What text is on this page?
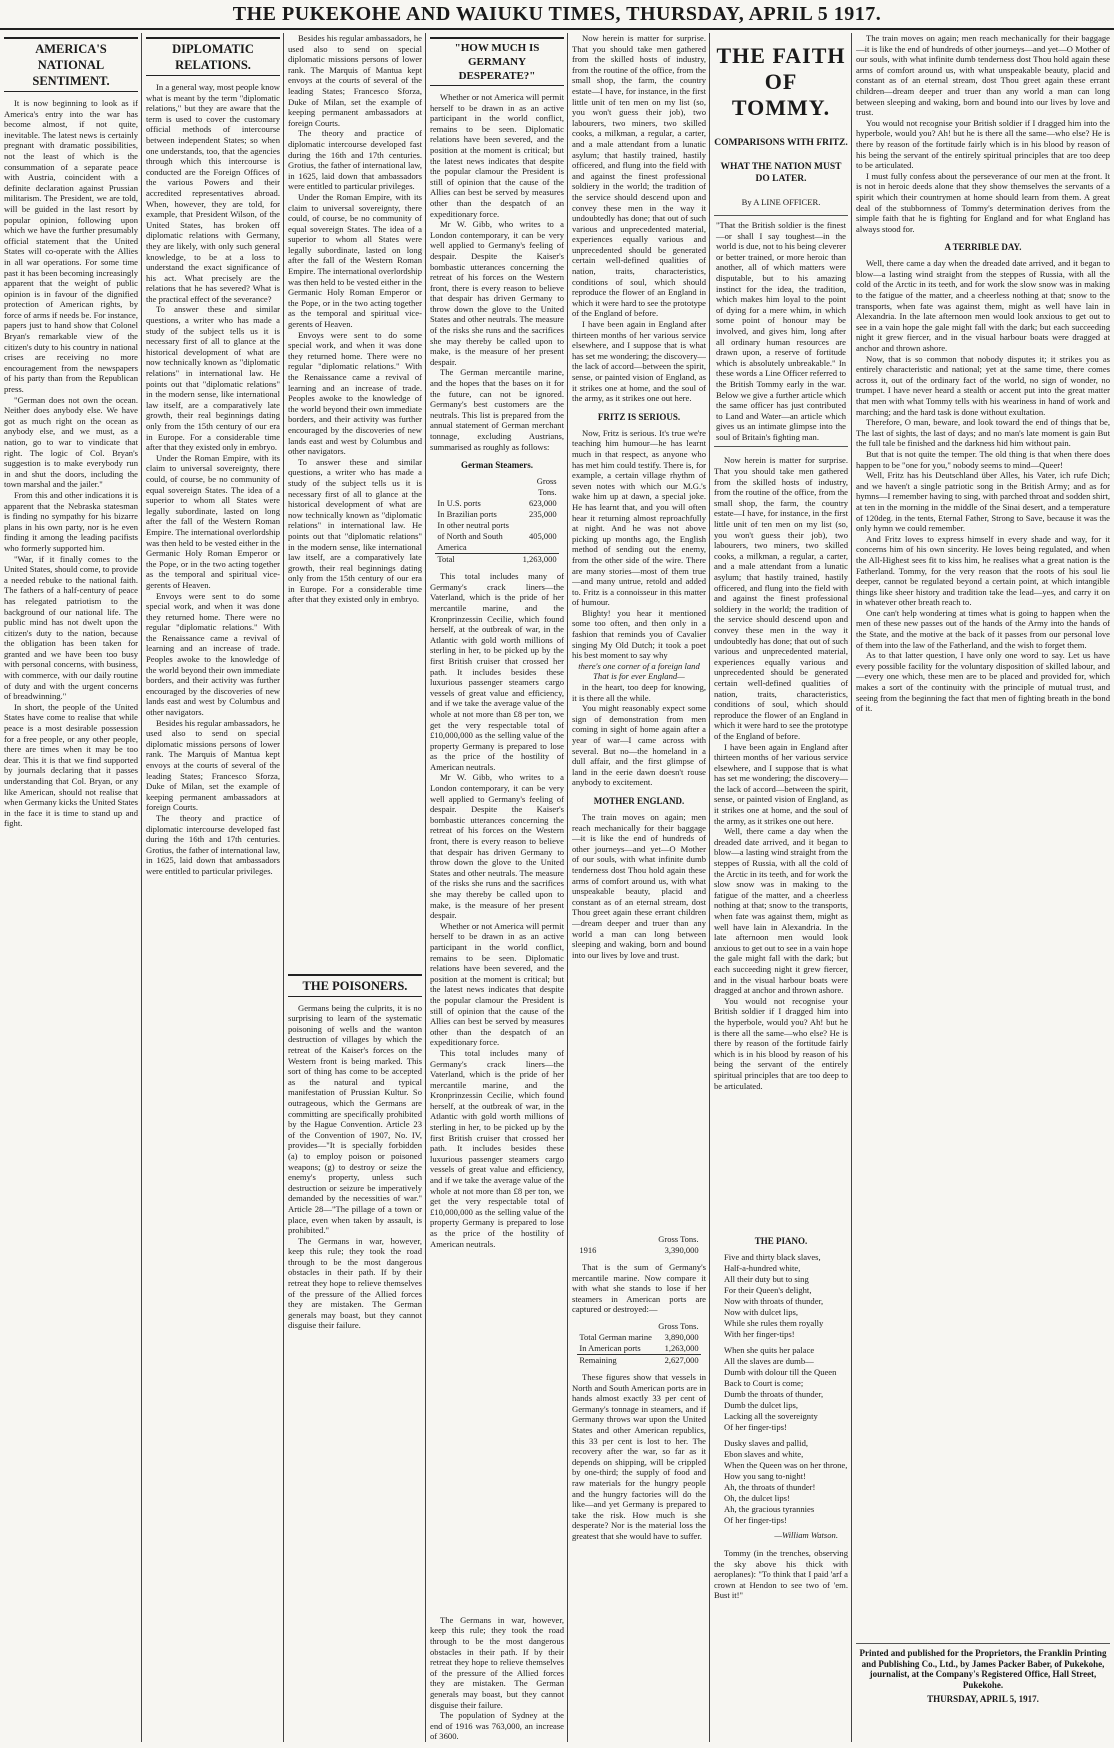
THE PUKEKOHE AND WAIUKU TIMES, THURSDAY, APRIL 5 1917.

AMERICA'S NATIONAL SENTIMENT.

It is now beginning to look as if America's entry into the war has become almost, if not quite, inevitable. The latest news is certainly pregnant with dramatic possibilities, not the least of which is the consummation of a separate peace with Austria, coincident with a definite declaration against Prussian militarism. The President, we are told, will be guided in the last resort by popular opinion, following upon which we have the further presumably official statement that the United States will co-operate with the Allies in all war operations. For some time past it has been becoming increasingly apparent that the weight of public opinion is in favour of the dignified protection of American rights, by force of arms if needs be. For instance, papers just to hand show that Colonel Bryan's remarkable view of the citizen's duty to his country in national crises are receiving no more encouragement from the newspapers of his party than from the Republican press.

"German does not own the ocean. Neither does anybody else. We have got as much right on the ocean as anybody else, and we must, as a nation, go to war to vindicate that right. The logic of Col. Bryan's suggestion is to make everybody run in and shut the doors, including the town marshal and the jailer."

From this and other indications it is apparent that the Nebraska statesman is finding no sympathy for his bizarre plans in his own party, nor is he even finding it among the leading pacifists who formerly supported him.

"War, if it finally comes to the United States, should come, to provide a needed rebuke to the national faith. The fathers of a half-century of peace has relegated patriotism to the background of our national life. The public mind has not dwelt upon the citizen's duty to the nation, because the obligation has been taken for granted and we have been too busy with personal concerns, with business, with commerce, with our daily routine of duty and with the urgent concerns of breadwinning."

In short, the people of the United States have come to realise that while peace is a most desirable possession for a free people, or any other people, there are times when it may be too dear. This it is that we find supported by journals declaring that it passes understanding that Col. Bryan, or any like American, should not realise that when Germany kicks the United States in the face it is time to stand up and fight.

DIPLOMATIC RELATIONS.

In a general way, most people know what is meant by the term "diplomatic relations," but they are aware that the term is used to cover the customary official methods of intercourse between independent States; so when one understands, too, that the agencies through which this intercourse is conducted are the Foreign Offices of the various Powers and their accredited representatives abroad. When, however, they are told, for example, that President Wilson, of the United States, has broken off diplomatic relations with Germany, they are likely, with only such general knowledge, to be at a loss to understand the exact significance of his act. What precisely are the relations that he has severed? What is the practical effect of the severance?

To answer these and similar questions, a writer who has made a study of the subject tells us it is necessary first of all to glance at the historical development of what are now technically known as "diplomatic relations" in international law. He points out that "diplomatic relations" in the modern sense, like international law itself, are a comparatively late growth, their real beginnings dating only from the 15th century of our era in Europe. For a considerable time after that they existed only in embryo.

Under the Roman Empire, with its claim to universal sovereignty, there could, of course, be no community of equal sovereign States. The idea of a superior to whom all States were legally subordinate, lasted on long after the fall of the Western Roman Empire. The international overlordship was then held to be vested either in the Germanic Holy Roman Emperor or the Pope, or in the two acting together as the temporal and spiritual vice-gerents of Heaven.

Envoys were sent to do some special work, and when it was done they returned home. There were no regular "diplomatic relations." With the Renaissance came a revival of learning and an increase of trade. Peoples awoke to the knowledge of the world beyond their own immediate borders, and their activity was further encouraged by the discoveries of new lands east and west by Columbus and other navigators.

Besides his regular ambassadors, he used also to send on special diplomatic missions persons of lower rank. The Marquis of Mantua kept envoys at the courts of several of the leading States; Francesco Sforza, Duke of Milan, set the example of keeping permanent ambassadors at foreign Courts.

The theory and practice of diplomatic intercourse developed fast during the 16th and 17th centuries. Grotius, the father of international law, in 1625, laid down that ambassadors were entitled to particular privileges.

Besides his regular ambassadors, he used also to send on special diplomatic missions persons of lower rank. The Marquis of Mantua kept envoys at the courts of several of the leading States; Francesco Sforza, Duke of Milan, set the example of keeping permanent ambassadors at foreign Courts.

The theory and practice of diplomatic intercourse developed fast during the 16th and 17th centuries. Grotius, the father of international law, in 1625, laid down that ambassadors were entitled to particular privileges.

Under the Roman Empire, with its claim to universal sovereignty, there could, of course, be no community of equal sovereign States. The idea of a superior to whom all States were legally subordinate, lasted on long after the fall of the Western Roman Empire. The international overlordship was then held to be vested either in the Germanic Holy Roman Emperor or the Pope, or in the two acting together as the temporal and spiritual vice-gerents of Heaven.

Envoys were sent to do some special work, and when it was done they returned home. There were no regular "diplomatic relations." With the Renaissance came a revival of learning and an increase of trade. Peoples awoke to the knowledge of the world beyond their own immediate borders, and their activity was further encouraged by the discoveries of new lands east and west by Columbus and other navigators.

To answer these and similar questions, a writer who has made a study of the subject tells us it is necessary first of all to glance at the historical development of what are now technically known as "diplomatic relations" in international law. He points out that "diplomatic relations" in the modern sense, like international law itself, are a comparatively late growth, their real beginnings dating only from the 15th century of our era in Europe. For a considerable time after that they existed only in embryo.

THE POISONERS.

Germans being the culprits, it is no surprising to learn of the systematic poisoning of wells and the wanton destruction of villages by which the retreat of the Kaiser's forces on the Western front is being marked. This sort of thing has come to be accepted as the natural and typical manifestation of Prussian Kultur. So outrageous, which the Germans are committing are specifically prohibited by the Hague Convention. Article 23 of the Convention of 1907, No. IV, provides—"It is specially forbidden (a) to employ poison or poisoned weapons; (g) to destroy or seize the enemy's property, unless such destruction or seizure be imperatively demanded by the necessities of war." Article 28—"The pillage of a town or place, even when taken by assault, is prohibited."

The Germans in war, however, keep this rule; they took the road through to be the most dangerous obstacles in their path. If by their retreat they hope to relieve themselves of the pressure of the Allied forces they are mistaken. The German generals may boast, but they cannot disguise their failure.

"HOW MUCH IS GERMANY DESPERATE?"

Whether or not America will permit herself to be drawn in as an active participant in the world conflict, remains to be seen. Diplomatic relations have been severed, and the position at the moment is critical; but the latest news indicates that despite the popular clamour the President is still of opinion that the cause of the Allies can best be served by measures other than the despatch of an expeditionary force.

Mr W. Gibb, who writes to a London contemporary, it can be very well applied to Germany's feeling of despair. Despite the Kaiser's bombastic utterances concerning the retreat of his forces on the Western front, there is every reason to believe that despair has driven Germany to throw down the glove to the United States and other neutrals. The measure of the risks she runs and the sacrifices she may thereby be called upon to make, is the measure of her present despair.

The German mercantile marine, and the hopes that the bases on it for the future, can not be ignored. Germany's best customers are the neutrals. This list is prepared from the annual statement of German merchant tonnage, excluding Austrians, summarised as roughly as follows:

German Steamers.
	Gross Tons.
In U.S. ports	623,000
In Brazilian ports	235,000
In other neutral ports of North and South America	405,000
Total	1,263,000

This total includes many of Germany's crack liners—the Vaterland, which is the pride of her mercantile marine, and the Kronprinzessin Cecilie, which found herself, at the outbreak of war, in the Atlantic with gold worth millions of sterling in her, to be picked up by the first British cruiser that crossed her path. It includes besides these luxurious passenger steamers cargo vessels of great value and efficiency, and if we take the average value of the whole at not more than £8 per ton, we get the very respectable total of £10,000,000 as the selling value of the property Germany is prepared to lose as the price of the hostility of American neutrals.

Mr W. Gibb, who writes to a London contemporary, it can be very well applied to Germany's feeling of despair. Despite the Kaiser's bombastic utterances concerning the retreat of his forces on the Western front, there is every reason to believe that despair has driven Germany to throw down the glove to the United States and other neutrals. The measure of the risks she runs and the sacrifices she may thereby be called upon to make, is the measure of her present despair.

Whether or not America will permit herself to be drawn in as an active participant in the world conflict, remains to be seen. Diplomatic relations have been severed, and the position at the moment is critical; but the latest news indicates that despite the popular clamour the President is still of opinion that the cause of the Allies can best be served by measures other than the despatch of an expeditionary force.

This total includes many of Germany's crack liners—the Vaterland, which is the pride of her mercantile marine, and the Kronprinzessin Cecilie, which found herself, at the outbreak of war, in the Atlantic with gold worth millions of sterling in her, to be picked up by the first British cruiser that crossed her path. It includes besides these luxurious passenger steamers cargo vessels of great value and efficiency, and if we take the average value of the whole at not more than £8 per ton, we get the very respectable total of £10,000,000 as the selling value of the property Germany is prepared to lose as the price of the hostility of American neutrals.

The Germans in war, however, keep this rule; they took the road through to be the most dangerous obstacles in their path. If by their retreat they hope to relieve themselves of the pressure of the Allied forces they are mistaken. The German generals may boast, but they cannot disguise their failure.

The population of Sydney at the end of 1916 was 763,000, an increase of 3600.

Now herein is matter for surprise. That you should take men gathered from the skilled hosts of industry, from the routine of the office, from the small shop, the farm, the country estate—I have, for instance, in the first little unit of ten men on my list (so, you won't guess their job), two labourers, two miners, two skilled cooks, a milkman, a regular, a carter, and a male attendant from a lunatic asylum; that hastily trained, hastily officered, and flung into the field with and against the finest professional soldiery in the world; the tradition of the service should descend upon and convey these men in the way it undoubtedly has done; that out of such various and unprecedented material, experiences equally various and unprecedented should be generated certain well-defined qualities of nation, traits, characteristics, conditions of soul, which should reproduce the flower of an England in which it were hard to see the prototype of the England of before.

I have been again in England after thirteen months of her various service elsewhere, and I suppose that is what has set me wondering; the discovery—the lack of accord—between the spirit, sense, or painted vision of England, as it strikes one at home, and the soul of the army, as it strikes one out here.

FRITZ IS SERIOUS.

Now, Fritz is serious. It's true we're teaching him humour—he has learnt much in that respect, as anyone who has met him could testify. There is, for example, a certain village rhythm of seven notes with which our M.G.'s wake him up at dawn, a special joke. He has learnt that, and you will often hear it returning almost reproachfully at night. And he was not above picking up months ago, the English method of sending out the enemy, from the other side of the wire. There are many stories—most of them true—and many untrue, retold and added to. Fritz is a connoisseur in this matter of humour.

Blighty! you hear it mentioned some too often, and then only in a fashion that reminds you of Cavalier singing My Old Dutch; it took a poet his best moment to say why

there's one corner of a foreign land
That is for ever England—

in the heart, too deep for knowing, it is there all the while.

You might reasonably expect some sign of demonstration from men coming in sight of home again after a year of war—I came across with several. But no—the homeland in a dull affair, and the first glimpse of land in the eerie dawn doesn't rouse anybody to excitement.

MOTHER ENGLAND.

The train moves on again; men reach mechanically for their baggage—it is like the end of hundreds of other journeys—and yet—O Mother of our souls, with what infinite dumb tenderness dost Thou hold again these arms of comfort around us, with what unspeakable beauty, placid and constant as of an eternal stream, dost Thou greet again these errant children—dream deeper and truer than any world a man can long between sleeping and waking, born and bound into our lives by love and trust.

	Gross Tons.
1916	3,390,000

That is the sum of Germany's mercantile marine. Now compare it with what she stands to lose if her steamers in American ports are captured or destroyed:—

	Gross Tons.
Total German marine	3,890,000
In American ports	1,263,000
Remaining	2,627,000

These figures show that vessels in North and South American ports are in hands almost exactly 33 per cent of Germany's tonnage in steamers, and if Germany throws war upon the United States and other American republics, this 33 per cent is lost to her. The recovery after the war, so far as it depends on shipping, will be crippled by one-third; the supply of food and raw materials for the hungry people and the hungry factories will do the like—and yet Germany is prepared to take the risk. How much is she desperate? Nor is the material loss the greatest that she would have to suffer.

THE FAITH OF TOMMY.
COMPARISONS WITH FRITZ.
WHAT THE NATION MUST DO LATER.
By A LINE OFFICER.

"That the British soldier is the finest—or shall I say toughest—in the world is due, not to his being cleverer or better trained, or more heroic than another, all of which matters were disputable, but to his amazing instinct for the idea, the tradition, which makes him loyal to the point of dying for a mere whim, in which some point of honour may be involved, and gives him, long after all ordinary human resources are drawn upon, a reserve of fortitude which is absolutely unbreakable." In these words a Line Officer referred to the British Tommy early in the war. Below we give a further article which the same officer has just contributed to Land and Water—an article which gives us an intimate glimpse into the soul of Britain's fighting man.

Now herein is matter for surprise. That you should take men gathered from the skilled hosts of industry, from the routine of the office, from the small shop, the farm, the country estate—I have, for instance, in the first little unit of ten men on my list (so, you won't guess their job), two labourers, two miners, two skilled cooks, a milkman, a regular, a carter, and a male attendant from a lunatic asylum; that hastily trained, hastily officered, and flung into the field with and against the finest professional soldiery in the world; the tradition of the service should descend upon and convey these men in the way it undoubtedly has done; that out of such various and unprecedented material, experiences equally various and unprecedented should be generated certain well-defined qualities of nation, traits, characteristics, conditions of soul, which should reproduce the flower of an England in which it were hard to see the prototype of the England of before.

I have been again in England after thirteen months of her various service elsewhere, and I suppose that is what has set me wondering; the discovery—the lack of accord—between the spirit, sense, or painted vision of England, as it strikes one at home, and the soul of the army, as it strikes one out here.

Well, there came a day when the dreaded date arrived, and it began to blow—a lasting wind straight from the steppes of Russia, with all the cold of the Arctic in its teeth, and for work the slow snow was in making to the fatigue of the matter, and a cheerless nothing at that; snow to the transports, when fate was against them, might as well have lain in Alexandria. In the late afternoon men would look anxious to get out to see in a vain hope the gale might fall with the dark; but each succeeding night it grew fiercer, and in the visual harbour boats were dragged at anchor and thrown ashore.

You would not recognise your British soldier if I dragged him into the hyperbole, would you? Ah! but he is there all the same—who else? He is there by reason of the fortitude fairly which is in his blood by reason of his being the servant of the entirely spiritual principles that are too deep to be articulated.

THE PIANO.
Five and thirty black slaves,
Half-a-hundred white,
All their duty but to sing
For their Queen's delight,
Now with throats of thunder,
Now with dulcet lips,
While she rules them royally
With her finger-tips!

When she quits her palace
All the slaves are dumb—
Dumb with dolour till the Queen
Back to Court is come;
Dumb the throats of thunder,
Dumb the dulcet lips,
Lacking all the sovereignty
Of her finger-tips!

Dusky slaves and pallid,
Ebon slaves and white,
When the Queen was on her throne,
How you sang to-night!
Ah, the throats of thunder!
Oh, the dulcet lips!
Ah, the gracious tyrannies
Of her finger-tips!
—William Watson.

Tommy (in the trenches, observing the sky above his thick with aeroplanes): "To think that I paid 'arf a crown at Hendon to see two of 'em. Bust it!"

The train moves on again; men reach mechanically for their baggage—it is like the end of hundreds of other journeys—and yet—O Mother of our souls, with what infinite dumb tenderness dost Thou hold again these arms of comfort around us, with what unspeakable beauty, placid and constant as of an eternal stream, dost Thou greet again these errant children—dream deeper and truer than any world a man can long between sleeping and waking, born and bound into our lives by love and trust.

You would not recognise your British soldier if I dragged him into the hyperbole, would you? Ah! but he is there all the same—who else? He is there by reason of the fortitude fairly which is in his blood by reason of his being the servant of the entirely spiritual principles that are too deep to be articulated.

I must fully confess about the perseverance of our men at the front. It is not in heroic deeds alone that they show themselves the servants of a spirit which their countrymen at home should learn from them. A great deal of the stubbornness of Tommy's determination derives from the simple faith that he is fighting for England and for what England has always stood for.

A TERRIBLE DAY.

Well, there came a day when the dreaded date arrived, and it began to blow—a lasting wind straight from the steppes of Russia, with all the cold of the Arctic in its teeth, and for work the slow snow was in making to the fatigue of the matter, and a cheerless nothing at that; snow to the transports, when fate was against them, might as well have lain in Alexandria. In the late afternoon men would look anxious to get out to see in a vain hope the gale might fall with the dark; but each succeeding night it grew fiercer, and in the visual harbour boats were dragged at anchor and thrown ashore.

Now, that is so common that nobody disputes it; it strikes you as entirely characteristic and national; yet at the same time, there comes across it, out of the ordinary fact of the world, no sign of wonder, no trumpet. I have never heard a stealth or accent put into the great matter that men with what Tommy tells with his weariness in hand of work and marching; and the hard task is done without exultation.

Therefore, O man, beware, and look toward the end of things that be, The last of sights, the last of days; and no man's late moment is gain But the full tale be finished and the darkness hid him without pain.

But that is not quite the temper. The old thing is that when there does happen to be "one for you," nobody seems to mind—Queer!

Well, Fritz has his Deutschland über Alles, his Vater, ich rufe Dich; and we haven't a single patriotic song in the British Army; and as for hymns—I remember having to sing, with parched throat and sodden shirt, at ten in the morning in the middle of the Sinai desert, and a temperature of 120deg. in the tents, Eternal Father, Strong to Save, because it was the only hymn we could remember.

And Fritz loves to express himself in every shade and way, for it concerns him of his own sincerity. He loves being regulated, and when the All-Highest sees fit to kiss him, he realises what a great nation is the Fatherland. Tommy, for the very reason that the roots of his soul lie deeper, cannot be regulated beyond a certain point, at which intangible things like sheer history and tradition take the lead—yes, and carry it on in whatever other breath reach to.

One can't help wondering at times what is going to happen when the men of these new passes out of the hands of the Army into the hands of the State, and the motive at the back of it passes from our personal love of them into the law of the Fatherland, and the wish to forget them.

As to that latter question, I have only one word to say. Let us have every possible facility for the voluntary disposition of skilled labour, and—every one which, these men are to be placed and provided for, which makes a sort of the continuity with the principle of mutual trust, and seeing from the beginning the fact that men of fighting breath in the bond of it.

Printed and published for the Proprietors, the Franklin Printing and Publishing Co., Ltd., by James Packer Baber, of Pukekohe, journalist, at the Company's Registered Office, Hall Street, Pukekohe.
THURSDAY, APRIL 5, 1917.
